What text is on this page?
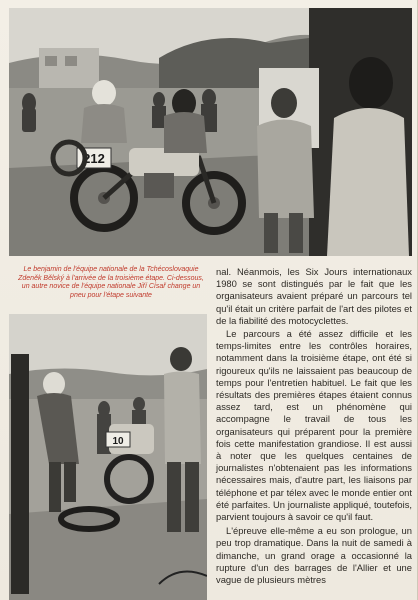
212

Le benjamin de l'équipe nationale de la Tchécoslovaquie Zdeněk Bělský à l'arrivée de la troisième étape. Ci-dessous, un autre novice de l'équipe nationale Jiří Císař change un pneu pour l'étape suivante

nal. Néanmois, les Six Jours internationaux 1980 se sont distingués par le fait que les organisateurs avaient préparé un parcours tel qu'il était un critère parfait de l'art des pilotes et de la fiabilité des motocyclettes.

Le parcours a été assez difficile et les temps-limites entre les contrôles horaires, notamment dans la troisième étape, ont été si rigoureux qu'ils ne laissaient pas beaucoup de temps pour l'entretien habituel. Le fait que les résultats des premières étapes étaient connus assez tard, est un phénomène qui accompagne le travail de tous les organisateurs qui préparent pour la première fois cette manifestation grandiose. Il est aussi à noter que les quelques centaines de journalistes n'obtenaient pas les informations nécessaires mais, d'autre part, les liaisons par téléphone et par télex avec le monde entier ont été parfaites. Un journaliste appliqué, toutefois, parvient toujours à savoir ce qu'il faut.

L'épreuve elle-même a eu son prologue, un peu trop dramatique. Dans la nuit de samedi à dimanche, un grand orage a occasionné la rupture d'un des barrages de l'Allier et une vague de plusieurs mètres

10
